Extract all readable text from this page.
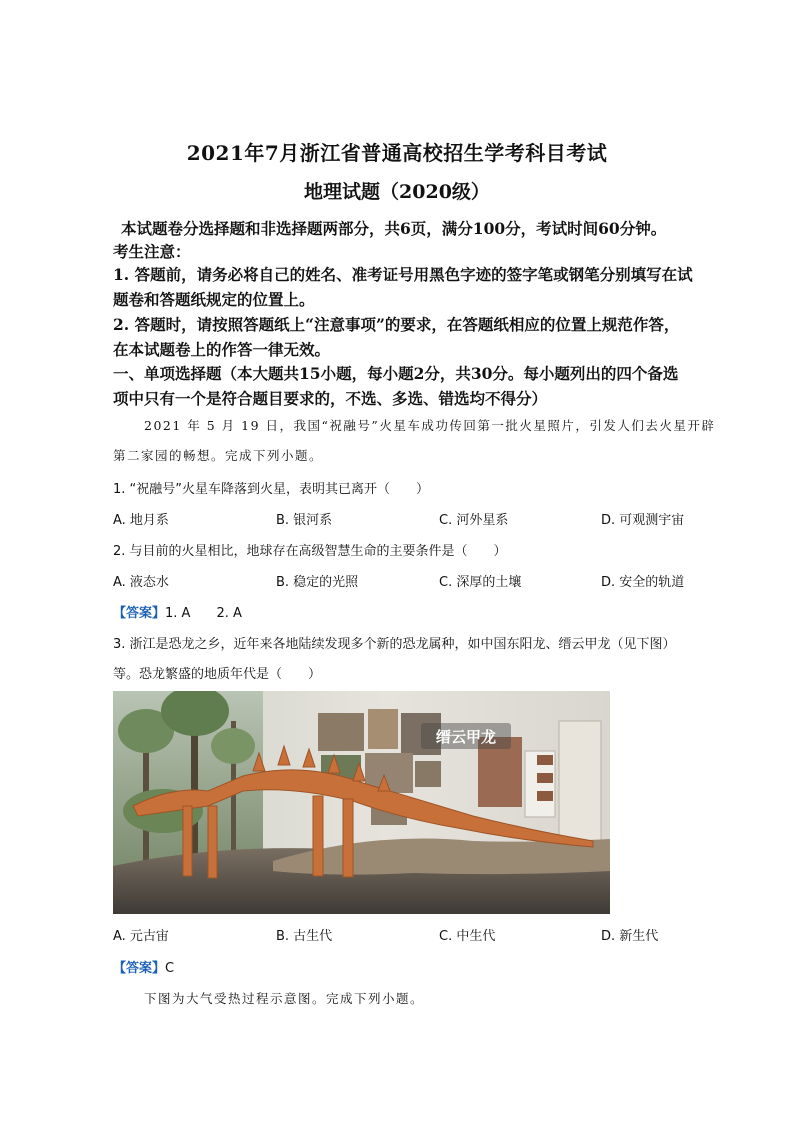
2021年7月浙江省普通高校招生学考科目考试
地理试题（2020级）
本试题卷分选择题和非选择题两部分，共6页，满分100分，考试时间60分钟。
考生注意：
1. 答题前，请务必将自己的姓名、准考证号用黑色字迹的签字笔或钢笔分别填写在试
题卷和答题纸规定的位置上。
2. 答题时，请按照答题纸上“注意事项”的要求，在答题纸相应的位置上规范作答，
在本试题卷上的作答一律无效。
一、单项选择题（本大题共15小题，每小题2分，共30分。每小题列出的四个备选
项中只有一个是符合题目要求的，不选、多选、错选均不得分）
2021 年 5 月 19 日，我国“祝融号”火星车成功传回第一批火星照片，引发人们去火星开辟
第二家园的畅想。完成下列小题。
1. “祝融号”火星车降落到火星，表明其已离开（　　）
A. 地月系	B. 银河系	C. 河外星系	D. 可观测宇宙
2. 与目前的火星相比，地球存在高级智慧生命的主要条件是（　　）
A. 液态水	B. 稳定的光照	C. 深厚的土壤	D. 安全的轨道
【答案】1. A　　2. A
3. 浙江是恐龙之乡，近年来各地陆续发现多个新的恐龙属种，如中国东阳龙、缙云甲龙（见下图）
等。恐龙繁盛的地质年代是（　　）
缙云甲龙
A. 元古宙	B. 古生代	C. 中生代	D. 新生代
【答案】C
下图为大气受热过程示意图。完成下列小题。
